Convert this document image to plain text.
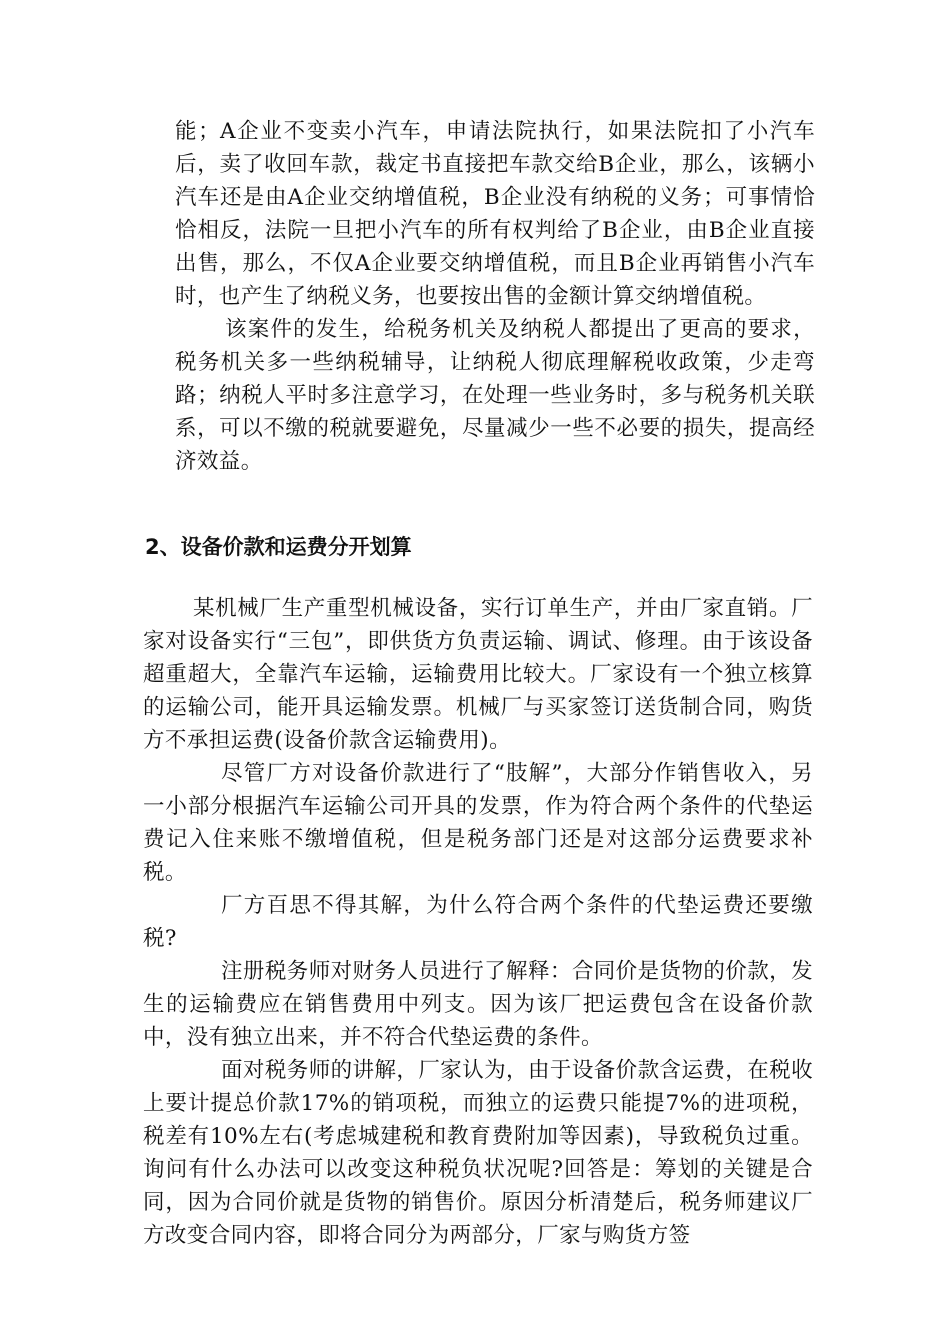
能；A企业不变卖小汽车，申请法院执行，如果法院扣了小汽车后，卖了收回车款，裁定书直接把车款交给B企业，那么，该辆小汽车还是由A企业交纳增值税，B企业没有纳税的义务；可事情恰恰相反，法院一旦把小汽车的所有权判给了B企业，由B企业直接出售，那么，不仅A企业要交纳增值税，而且B企业再销售小汽车时，也产生了纳税义务，也要按出售的金额计算交纳增值税。

该案件的发生，给税务机关及纳税人都提出了更高的要求，税务机关多一些纳税辅导，让纳税人彻底理解税收政策，少走弯路；纳税人平时多注意学习，在处理一些业务时，多与税务机关联系，可以不缴的税就要避免，尽量减少一些不必要的损失，提高经济效益。

2、设备价款和运费分开划算

某机械厂生产重型机械设备，实行订单生产，并由厂家直销。厂家对设备实行“三包”，即供货方负责运输、调试、修理。由于该设备超重超大，全靠汽车运输，运输费用比较大。厂家设有一个独立核算的运输公司，能开具运输发票。机械厂与买家签订送货制合同，购货方不承担运费(设备价款含运输费用)。

尽管厂方对设备价款进行了“肢解”，大部分作销售收入，另一小部分根据汽车运输公司开具的发票，作为符合两个条件的代垫运费记入住来账不缴增值税，但是税务部门还是对这部分运费要求补税。

厂方百思不得其解，为什么符合两个条件的代垫运费还要缴税?

注册税务师对财务人员进行了解释：合同价是货物的价款，发生的运输费应在销售费用中列支。因为该厂把运费包含在设备价款中，没有独立出来，并不符合代垫运费的条件。

面对税务师的讲解，厂家认为，由于设备价款含运费，在税收上要计提总价款17%的销项税，而独立的运费只能提7%的进项税，税差有10%左右(考虑城建税和教育费附加等因素)，导致税负过重。询问有什么办法可以改变这种税负状况呢?回答是：筹划的关键是合同，因为合同价就是货物的销售价。原因分析清楚后，税务师建议厂方改变合同内容，即将合同分为两部分，厂家与购货方签
